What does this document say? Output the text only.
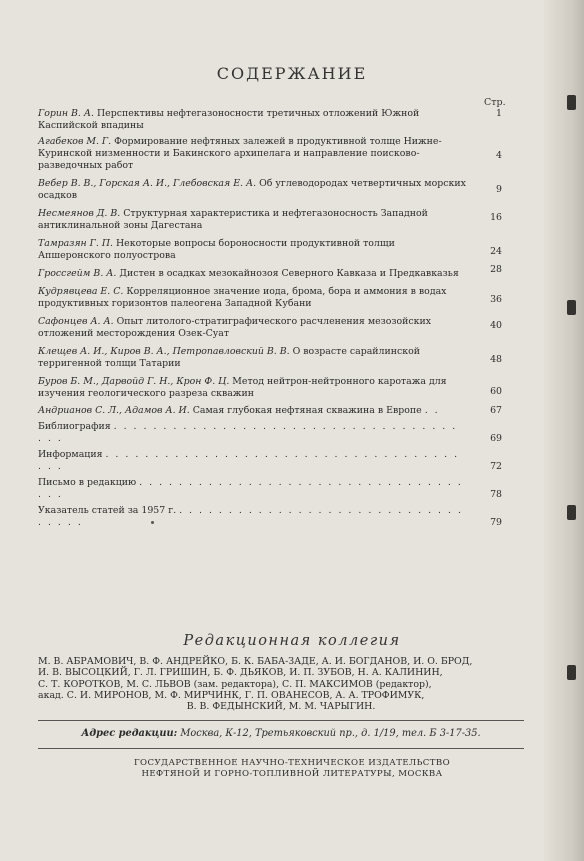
СОДЕРЖАНИЕ
Стр.
Горин В. А. Перспективы нефтегазоносности третичных отложений Южной Каспийской впадины
1
Агабеков М. Г. Формирование нефтяных залежей в продуктивной толще Нижне-Куринской низменности и Бакинского архипелага и направление поисково-разведочных работ
4
Вебер В. В., Горская А. И., Глебовская Е. А. Об углеводородах четвертичных морских осадков
9
Несмеянов Д. В. Структурная характеристика и нефтегазоносность Западной антиклинальной зоны Дагестана
16
Тамразян Г. П. Некоторые вопросы бороносности продуктивной толщи Апшеронского полуострова	24
Гроссгейм В. А. Дистен в осадках мезокайнозоя Северного Кавказа и Предкавказья	28
Кудрявцева Е. С. Корреляционное значение иода, брома, бора и аммония в водах продуктивных горизонтов палеогена Западной Кубани	36
Сафонцев А. А. Опыт литолого-стратиграфического расчленения мезозойских отложений месторождения Озек-Суат
40
Клещев А. И., Киров В. А., Петропавловский В. В. О возрасте сарайлинской терригенной толщи Татарии	48
Буров Б. М., Дарвойд Г. Н., Крон Ф. Ц. Метод нейтрон-нейтронного каротажа для изучения геологического разреза скважин	60
Андрианов С. Л., Адамов А. И. Самая глубокая нефтяная скважина в Европе . .	67
Библиография . . . . . . . . . . . . . . . . . . . . . . . . . . . . . . . . . . . . . .	69
Информация . . . . . . . . . . . . . . . . . . . . . . . . . . . . . . . . . . . . . . .	72
Письмо в редакцию . . . . . . . . . . . . . . . . . . . . . . . . . . . . . . . . . . . .	78
Указатель статей за 1957 г. . . . . . . . . . . . . . . . . . . . . . . . . . . . . . . . . . .	79
Редакционная коллегия
М. В. АБРАМОВИЧ, В. Ф. АНДРЕЙКО, Б. К. БАБА-ЗАДЕ, А. И. БОГДАНОВ, И. О. БРОД,
И. В. ВЫСОЦКИЙ, Г. Л. ГРИШИН, Б. Ф. ДЬЯКОВ, И. П. ЗУБОВ, Н. А. КАЛИНИН,
С. Т. КОРОТКОВ, М. С. ЛЬВОВ (зам. редактора), С. П. МАКСИМОВ (редактор),
акад. С. И. МИРОНОВ, М. Ф. МИРЧИНК, Г. П. ОВАНЕСОВ, А. А. ТРОФИМУК,
В. В. ФЕДЫНСКИЙ, М. М. ЧАРЫГИН.
Адрес редакции: Москва, К-12, Третьяковский пр., д. 1/19, тел. Б 3-17-35.
ГОСУДАРСТВЕННОЕ НАУЧНО-ТЕХНИЧЕСКОЕ ИЗДАТЕЛЬСТВО
НЕФТЯНОЙ И ГОРНО-ТОПЛИВНОЙ ЛИТЕРАТУРЫ, МОСКВА
